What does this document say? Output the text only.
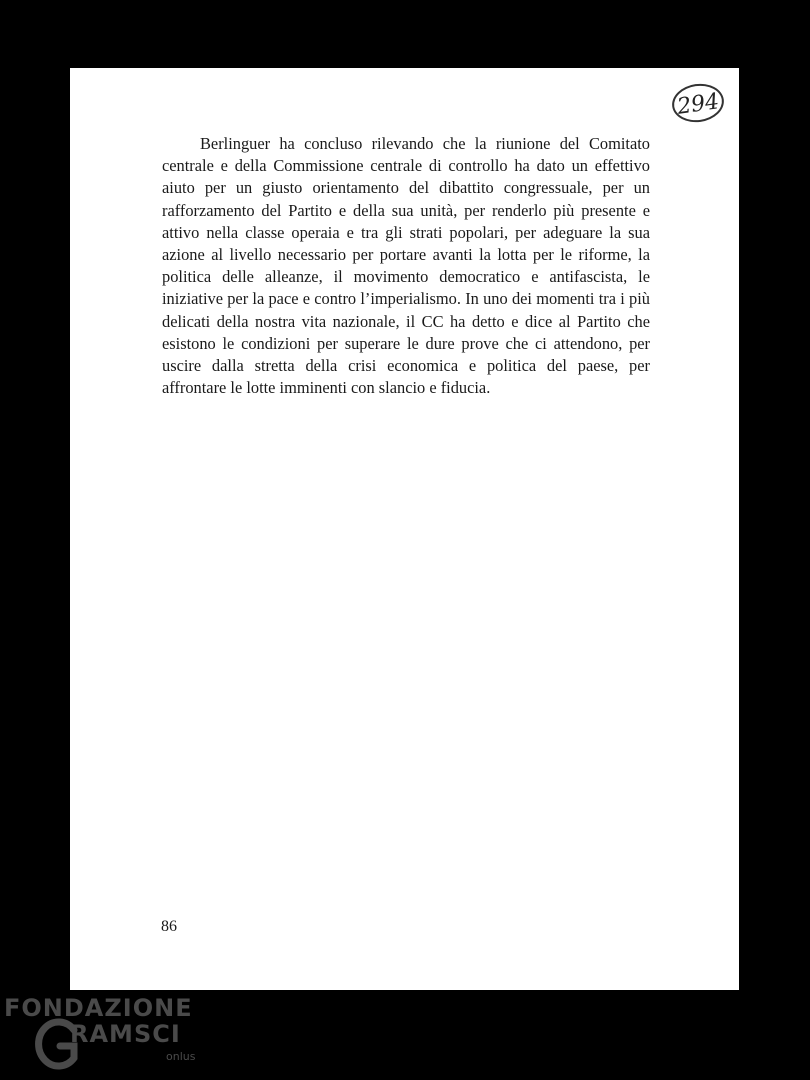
294

Berlinguer ha concluso rilevando che la riunione del Comitato centrale e della Commissione centrale di controllo ha dato un effettivo aiuto per un giusto orientamento del dibattito congressuale, per un rafforzamento del Partito e della sua unità, per renderlo più presente e attivo nella classe operaia e tra gli strati popolari, per adeguare la sua azione al livello necessario per portare avanti la lotta per le riforme, la politica delle alleanze, il movimento democratico e antifascista, le iniziative per la pace e contro l’imperialismo. In uno dei momenti tra i più delicati della nostra vita nazionale, il CC ha detto e dice al Partito che esistono le condizioni per superare le dure prove che ci attendono, per uscire dalla stretta della crisi economica e politica del paese, per affrontare le lotte imminenti con slancio e fiducia.

86
FONDAZIONE
RAMSCI
onlus
